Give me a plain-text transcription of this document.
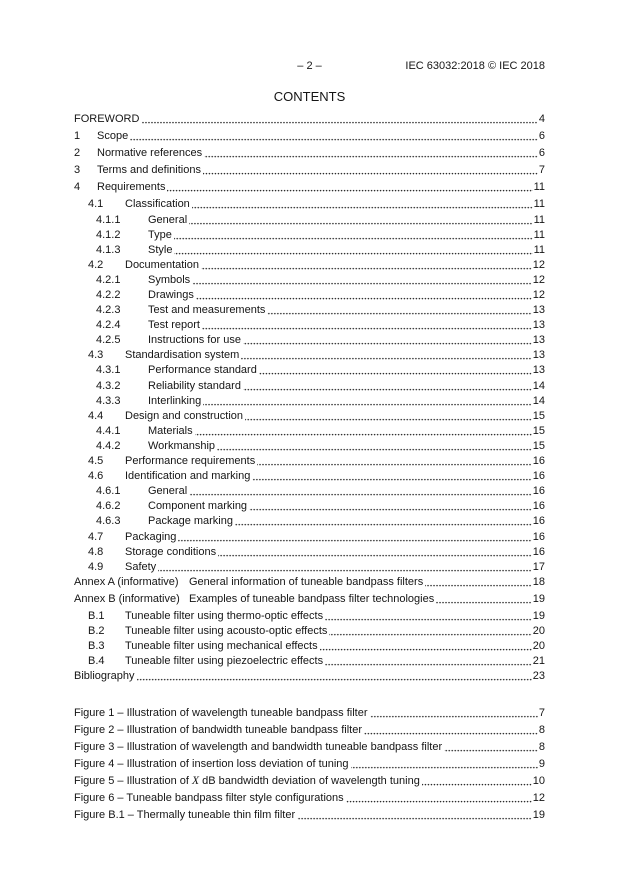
– 2 –	IEC 63032:2018 © IEC 2018
CONTENTS
FOREWORD	4
1	Scope	6
2	Normative references	6
3	Terms and definitions	7
4	Requirements	11
4.1	Classification	11
4.1.1	General	11
4.1.2	Type	11
4.1.3	Style	11
4.2	Documentation	12
4.2.1	Symbols	12
4.2.2	Drawings	12
4.2.3	Test and measurements	13
4.2.4	Test report	13
4.2.5	Instructions for use	13
4.3	Standardisation system	13
4.3.1	Performance standard	13
4.3.2	Reliability standard	14
4.3.3	Interlinking	14
4.4	Design and construction	15
4.4.1	Materials	15
4.4.2	Workmanship	15
4.5	Performance requirements	16
4.6	Identification and marking	16
4.6.1	General	16
4.6.2	Component marking	16
4.6.3	Package marking	16
4.7	Packaging	16
4.8	Storage conditions	16
4.9	Safety	17
Annex A (informative) General information of tuneable bandpass filters	18
Annex B (informative) Examples of tuneable bandpass filter technologies	19
B.1	Tuneable filter using thermo-optic effects	19
B.2	Tuneable filter using acousto-optic effects	20
B.3	Tuneable filter using mechanical effects	20
B.4	Tuneable filter using piezoelectric effects	21
Bibliography	23
Figure 1 – Illustration of wavelength tuneable bandpass filter	7
Figure 2 – Illustration of bandwidth tuneable bandpass filter	8
Figure 3 – Illustration of wavelength and bandwidth tuneable bandpass filter	8
Figure 4 – Illustration of insertion loss deviation of tuning	9
Figure 5 – Illustration of X dB bandwidth deviation of wavelength tuning	10
Figure 6 – Tuneable bandpass filter style configurations	12
Figure B.1 – Thermally tuneable thin film filter	19
